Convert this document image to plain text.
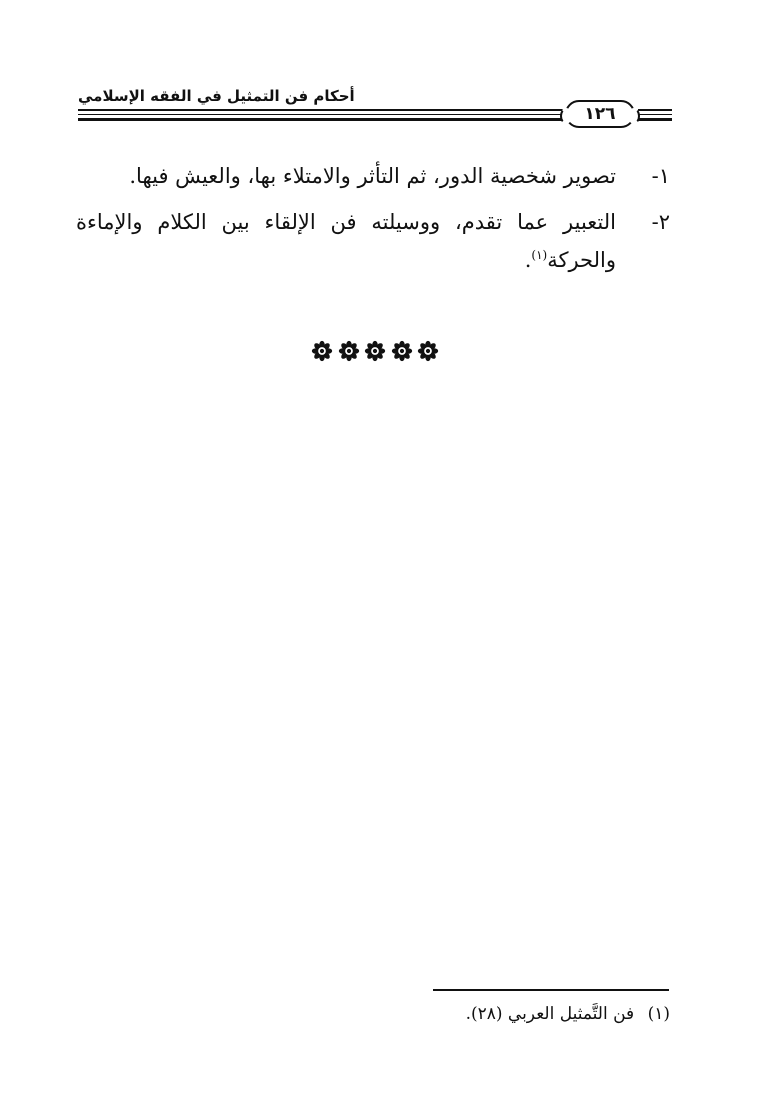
أحكام فن التمثيل في الفقه الإسلامي
١٢٦
١-
تصوير شخصية الدور، ثم التأثر والامتلاء بها، والعيش فيها.
٢-
التعبير عما تقدم، ووسيلته فن الإلقاء بين الكلام والإماءة والحركة$^{(١)}$.
(١) فن التَّمثيل العربي (٢٨).
